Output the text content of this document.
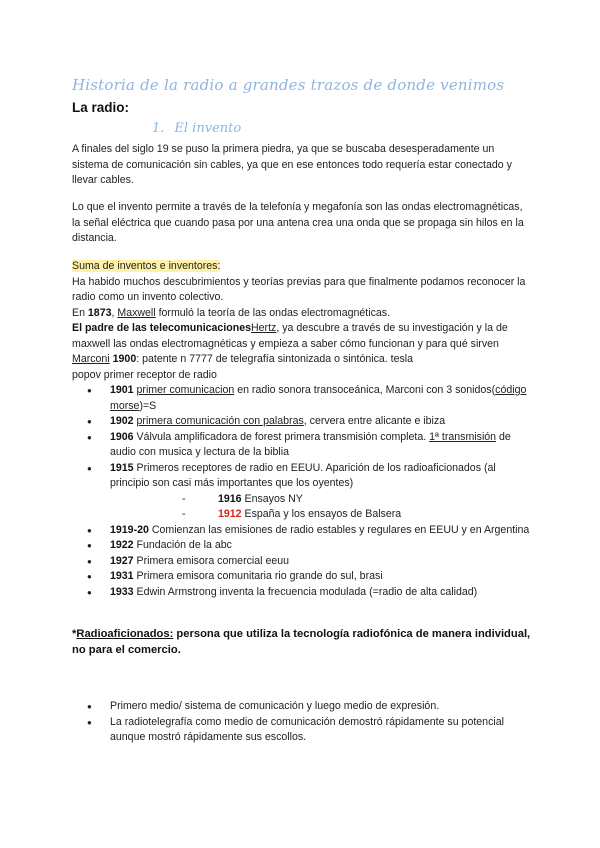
Historia de la radio a grandes trazos de donde venimos
La radio:
1. El invento
A finales del siglo 19 se puso la primera piedra, ya que se buscaba desesperadamente un sistema de comunicación sin cables, ya que en ese entonces todo requería estar conectado y llevar cables.
Lo que el invento permite a través de la telefonía y megafonía son las ondas electromagnéticas, la señal eléctrica que cuando pasa por una antena crea una onda que se propaga sin hilos en la distancia.

Suma de inventos e inventores:

Ha habido muchos descubrimientos y teorías previas para que finalmente podamos reconocer la radio como un invento colectivo.

En 1873, Maxwell formuló la teoría de las ondas electromagnéticas.

El padre de las telecomunicacionesHertz, ya descubre a través de su investigación y la de maxwell las ondas electromagnéticas y empieza a saber cómo funcionan y para qué sirven

Marconi 1900: patente n 7777 de telegrafía sintonizada o sintónica. tesla

popov primer receptor de radio

● 1901 primer comunicacion en radio sonora transoceánica, Marconi con 3 sonidos(código morse)=S
● 1902 primera comunicación con palabras, cervera entre alicante e ibiza
● 1906 Válvula amplificadora de forest primera transmisión completa. 1ª transmisión de audio con musica y lectura de la biblia
● 1915 Primeros receptores de radio en EEUU. Aparición de los radioaficionados (al principio son casi más importantes que los oyentes)
-	1916 Ensayos NY
-	1912 España y los ensayos de Balsera
● 1919-20 Comienzan las emisiones de radio estables y regulares en EEUU y en Argentina
● 1922 Fundación de la abc
● 1927 Primera emisora comercial eeuu
● 1931 Primera emisora comunitaria rio grande do sul, brasi
● 1933 Edwin Armstrong inventa la frecuencia modulada (=radio de alta calidad)
*Radioaficionados: persona que utiliza la tecnología radiofónica de manera individual, no para el comercio.
● Primero medio/ sistema de comunicación y luego medio de expresión.
● La radiotelegrafía como medio de comunicación demostró rápidamente su potencial aunque mostró rápidamente sus escollos.
